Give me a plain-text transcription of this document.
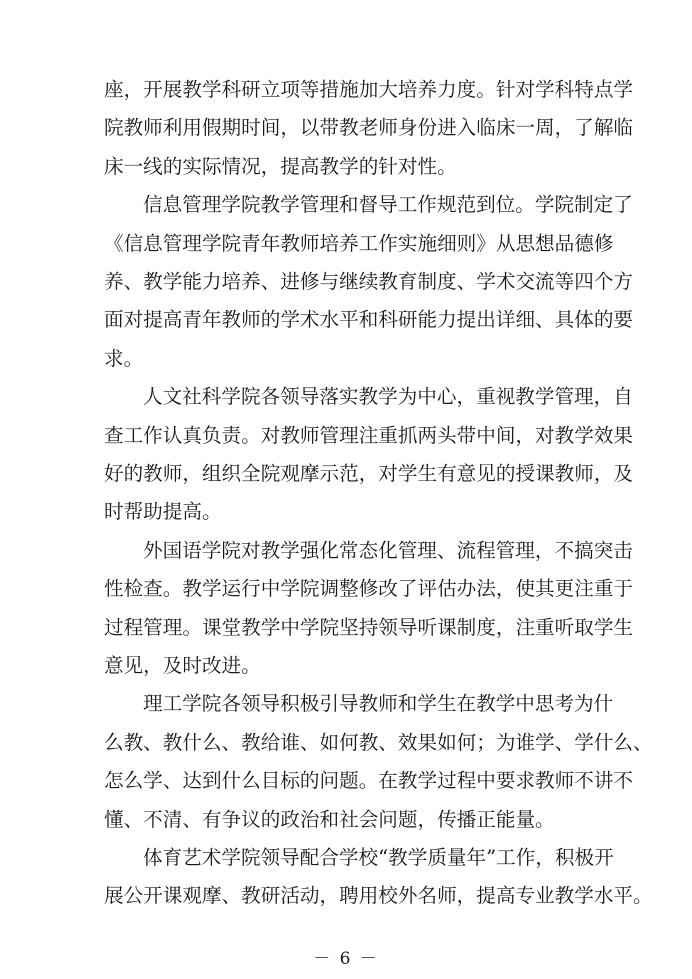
座，开展教学科研立项等措施加大培养力度。针对学科特点学
院教师利用假期时间，以带教老师身份进入临床一周，了解临
床一线的实际情况，提高教学的针对性。
信息管理学院教学管理和督导工作规范到位。学院制定了
《信息管理学院青年教师培养工作实施细则》从思想品德修
养、教学能力培养、进修与继续教育制度、学术交流等四个方
面对提高青年教师的学术水平和科研能力提出详细、具体的要
求。
人文社科学院各领导落实教学为中心，重视教学管理，自
查工作认真负责。对教师管理注重抓两头带中间，对教学效果
好的教师，组织全院观摩示范，对学生有意见的授课教师，及
时帮助提高。
外国语学院对教学强化常态化管理、流程管理，不搞突击
性检查。教学运行中学院调整修改了评估办法，使其更注重于
过程管理。课堂教学中学院坚持领导听课制度，注重听取学生
意见，及时改进。
理工学院各领导积极引导教师和学生在教学中思考为什
么教、教什么、教给谁、如何教、效果如何；为谁学、学什么、
怎么学、达到什么目标的问题。在教学过程中要求教师不讲不
懂、不清、有争议的政治和社会问题，传播正能量。
体育艺术学院领导配合学校“教学质量年”工作，积极开
展公开课观摩、教研活动，聘用校外名师，提高专业教学水平。
－ 6 －
